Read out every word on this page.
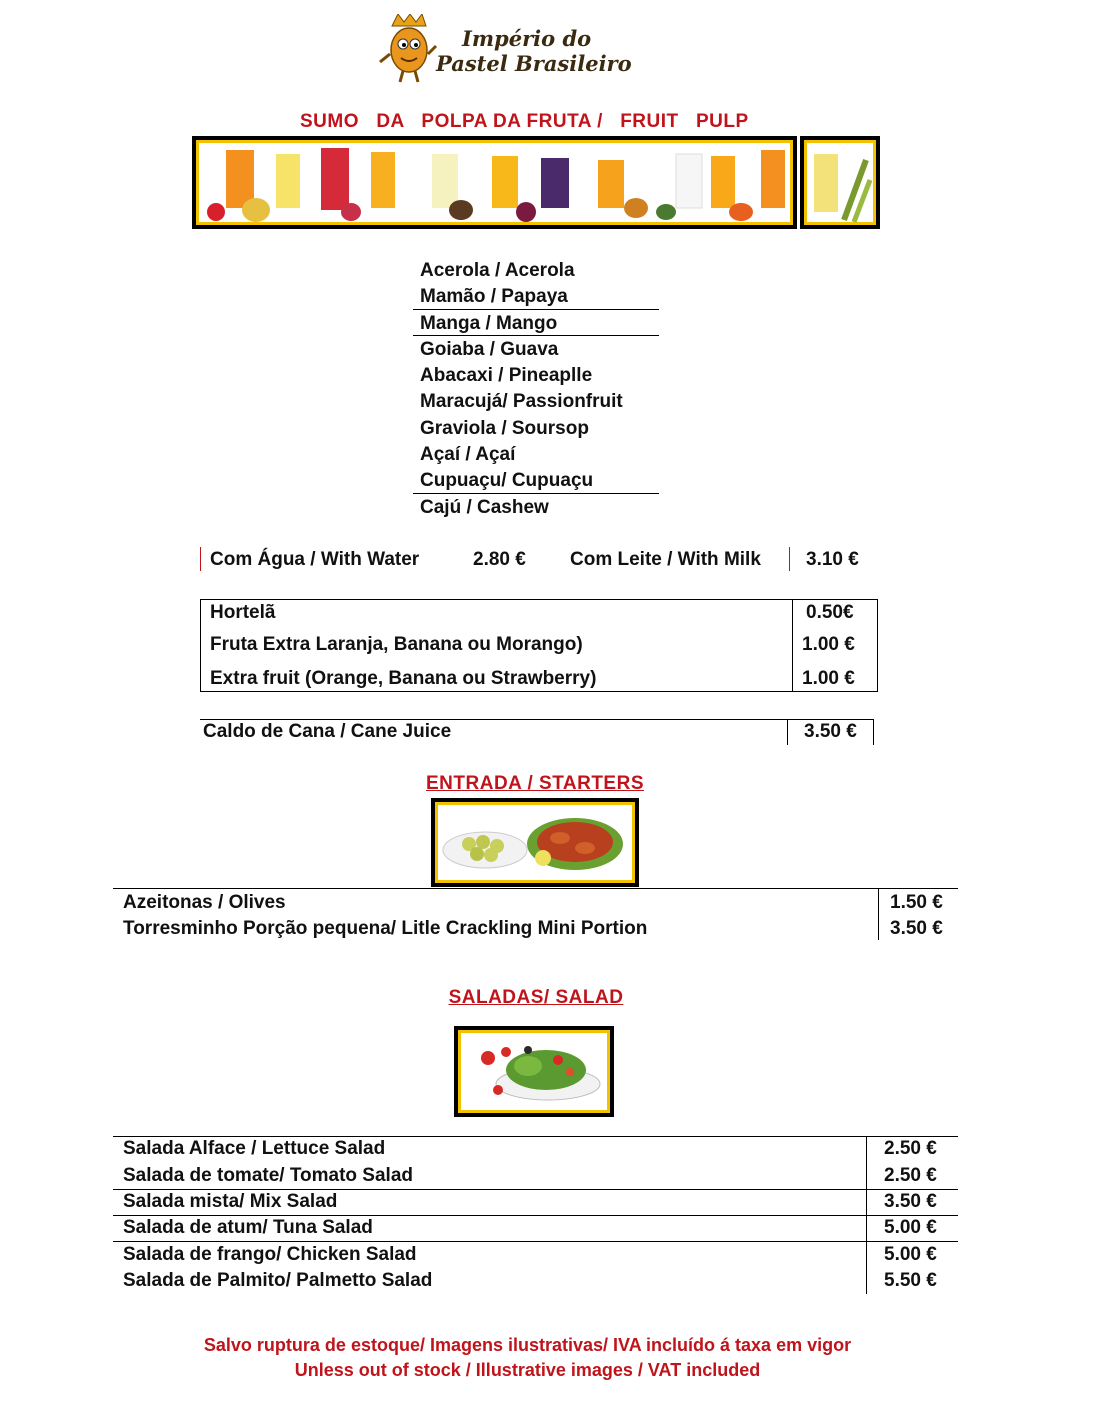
Império do
Pastel Brasileiro
SUMO   DA   POLPA DA FRUTA /   FRUIT   PULP
Acerola / Acerola
Mamão / Papaya
Manga / Mango
Goiaba / Guava
Abacaxi / Pineaplle
Maracujá/ Passionfruit
Graviola / Soursop
Açaí / Açaí
Cupuaçu/ Cupuaçu
Cajú / Cashew
Com Água / With Water	2.80 € Com Leite / With Milk 3.10 €
Hortelã	0.50€
Fruta Extra Laranja, Banana ou Morango)	1.00 €
Extra fruit (Orange, Banana ou Strawberry)	1.00 €
Caldo de Cana / Cane Juice	3.50 €
ENTRADA / STARTERS
Azeitonas / Olives	1.50 €
Torresminho Porção pequena/ Litle Crackling Mini Portion	3.50 €
SALADAS/ SALAD
Salada Alface / Lettuce Salad	2.50 €
Salada de tomate/ Tomato Salad	2.50 €
Salada mista/ Mix Salad	3.50 €
Salada de atum/ Tuna Salad	5.00 €
Salada de frango/ Chicken Salad	5.00 €
Salada de Palmito/ Palmetto Salad	5.50 €
Salvo ruptura de estoque/ Imagens ilustrativas/ IVA incluído á taxa em vigor
Unless out of stock / Illustrative images / VAT included
